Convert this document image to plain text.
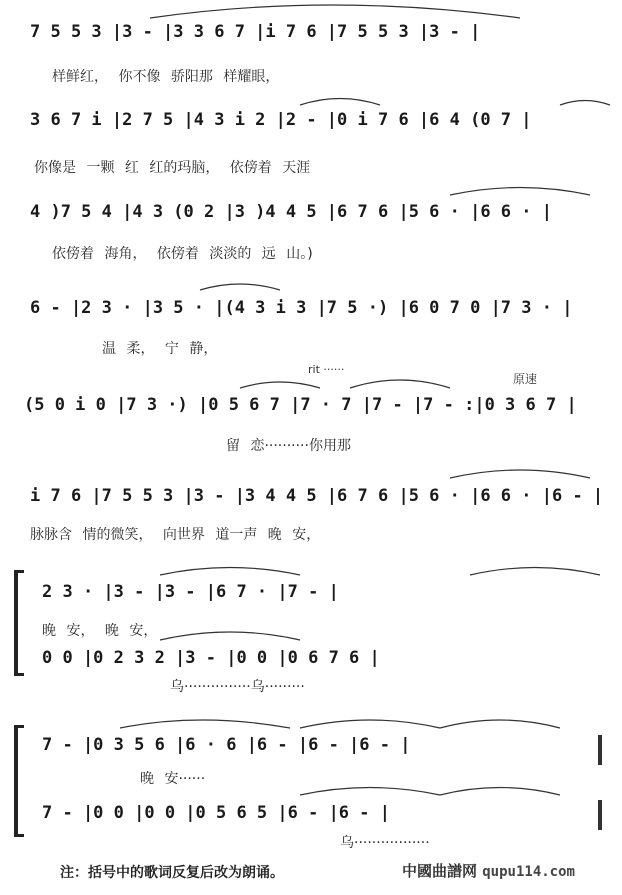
7 5 5 3 |3 - |3 3 6 7 |i 7 6 |7 5 5 3 |3 - |
样鲜红， 你不像 骄阳那 样耀眼，
3 6 7 i |2 7 5 |4 3 i 2 |2 - |0 i 7 6 |6 4 (0 7 |
你像是 一颗 红 红的玛脑， 依傍着 天涯
4 )7 5 4 |4 3 (0 2 |3 )4 4 5 |6 7 6 |5 6 · |6 6 · |
依傍着 海角， 依傍着 淡淡的 远 山。)
6 - |2 3 · |3 5 · |(4 3 i 3 |7 5 ·) |6 0 7 0 |7 3 · |
温 柔， 宁 静，
rit ······
原速
(5 0 i 0 |7 3 ·) |0 5 6 7 |7 · 7 |7 - |7 - :|0 3 6 7 |
留 恋··········你用那
i 7 6 |7 5 5 3 |3 - |3 4 4 5 |6 7 6 |5 6 · |6 6 · |6 - |
脉脉含 情的微笑， 向世界 道一声 晚 安，
2 3 · |3 - |3 - |6 7 · |7 - |
晚 安， 晚 安，
0 0 |0 2 3 2 |3 - |0 0 |0 6 7 6 |
乌···············乌·········
7 - |0 3 5 6 |6 · 6 |6 - |6 - |6 - |
晚 安······
7 - |0 0 |0 0 |0 5 6 5 |6 - |6 - |
乌·················
注：括号中的歌词反复后改为朗诵。	中國曲譜网 qupu114.com
